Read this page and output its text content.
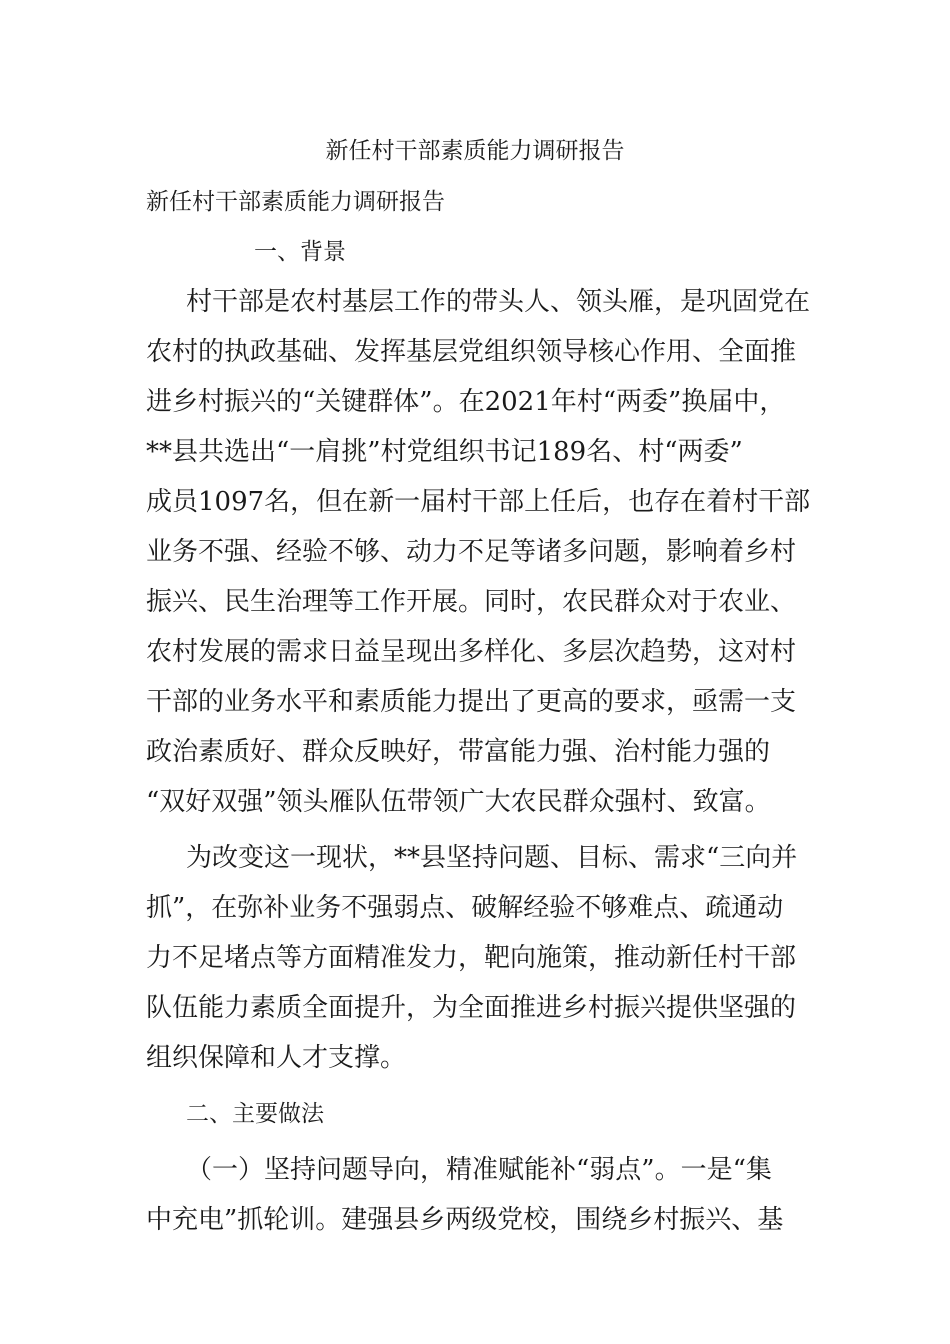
新任村干部素质能力调研报告
新任村干部素质能力调研报告
一、背景
村干部是农村基层工作的带头人、领头雁，是巩固党在
农村的执政基础、发挥基层党组织领导核心作用、全面推
进乡村振兴的“关键群体”。在2021年村“两委”换届中，
**县共选出“一肩挑”村党组织书记189名、村“两委”
成员1097名，但在新一届村干部上任后，也存在着村干部
业务不强、经验不够、动力不足等诸多问题，影响着乡村
振兴、民生治理等工作开展。同时，农民群众对于农业、
农村发展的需求日益呈现出多样化、多层次趋势，这对村
干部的业务水平和素质能力提出了更高的要求，亟需一支
政治素质好、群众反映好，带富能力强、治村能力强的
“双好双强”领头雁队伍带领广大农民群众强村、致富。
为改变这一现状，**县坚持问题、目标、需求“三向并
抓”，在弥补业务不强弱点、破解经验不够难点、疏通动
力不足堵点等方面精准发力，靶向施策，推动新任村干部
队伍能力素质全面提升，为全面推进乡村振兴提供坚强的
组织保障和人才支撑。
二、主要做法
（一）坚持问题导向，精准赋能补“弱点”。一是“集
中充电”抓轮训。建强县乡两级党校，围绕乡村振兴、基
